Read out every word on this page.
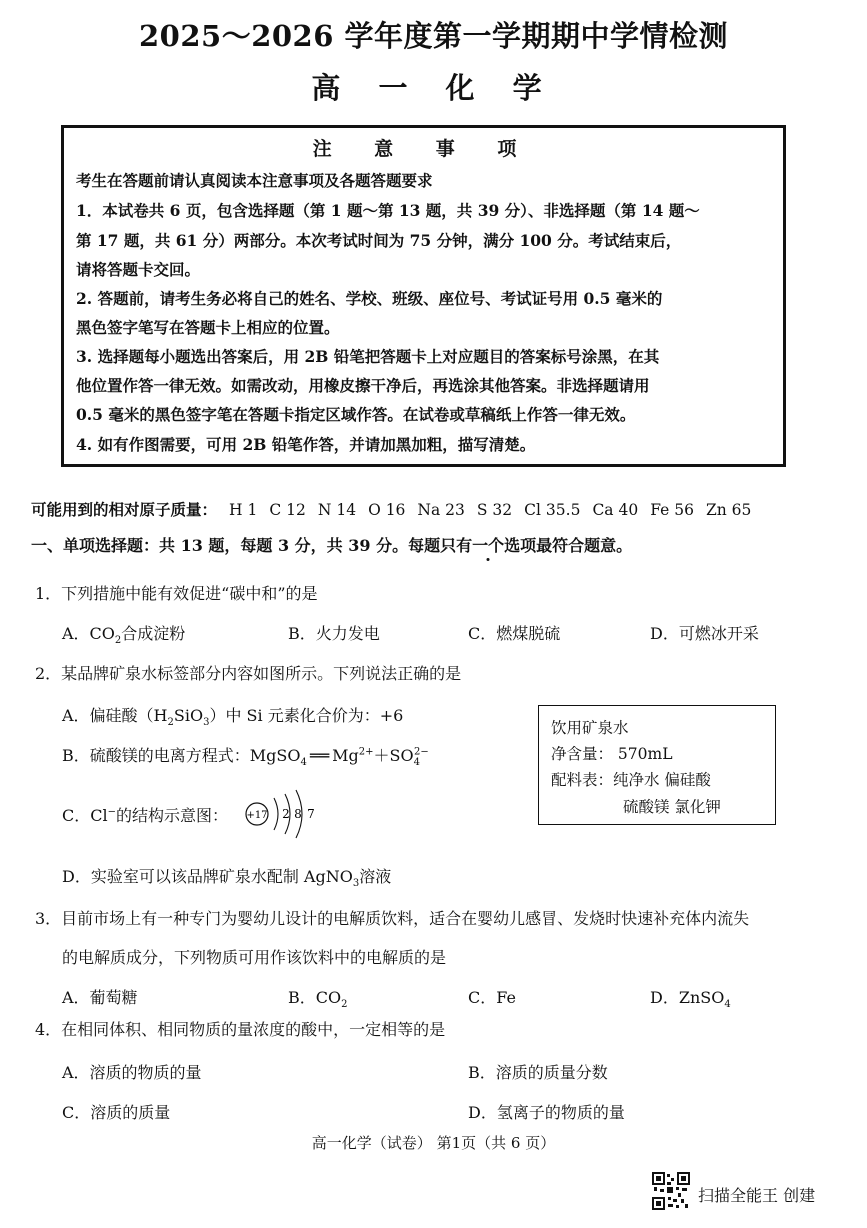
2025～2026 学年度第一学期期中学情检测
高 一 化 学
注 意 事 项
考生在答题前请认真阅读本注意事项及各题答题要求
1．本试卷共 6 页，包含选择题（第 1 题～第 13 题，共 39 分）、非选择题（第 14 题～
第 17 题，共 61 分）两部分。本次考试时间为 75 分钟，满分 100 分。考试结束后，
请将答题卡交回。
2. 答题前，请考生务必将自己的姓名、学校、班级、座位号、考试证号用 0.5 毫米的
黑色签字笔写在答题卡上相应的位置。
3. 选择题每小题选出答案后，用 2B 铅笔把答题卡上对应题目的答案标号涂黑，在其
他位置作答一律无效。如需改动，用橡皮擦干净后，再选涂其他答案。非选择题请用
0.5 毫米的黑色签字笔在答题卡指定区域作答。在试卷或草稿纸上作答一律无效。
4. 如有作图需要，可用 2B 铅笔作答，并请加黑加粗，描写清楚。
可能用到的相对原子质量： H 1 C 12 N 14 O 16 Na 23 S 32 Cl 35.5 Ca 40 Fe 56 Zn 65
一、单项选择题：共 13 题，每题 3 分，共 39 分。每题只有一个选项最符合题意。
1．下列措施中能有效促进“碳中和”的是
A．$CO_2$合成淀粉	B．火力发电	C．燃煤脱硫	D．可燃冰开采
2．某品牌矿泉水标签部分内容如图所示。下列说法正确的是
A．偏硅酸$(H_2SiO_3)$中 Si 元素化合价为：+6
B．硫酸镁的电离方程式：MgSO$_4$ ══ $Mg^{2+}+SO_4^{2-}$
C．Cl−的结构示意图： +17 2 8 7
D．实验室可以该品牌矿泉水配制 AgNO$_3$溶液
饮用矿泉水
净含量： 570mL
配料表：纯净水 偏硅酸
硫酸镁 氯化钾
3．目前市场上有一种专门为婴幼儿设计的电解质饮料，适合在婴幼儿感冒、发烧时快速补充体内流失
的电解质成分，下列物质可用作该饮料中的电解质的是
A．葡萄糖	B．$CO_2$	C．Fe	D．ZnSO$_4$
4．在相同体积、相同物质的量浓度的酸中，一定相等的是
A．溶质的物质的量	B．溶质的质量分数
C．溶质的质量	D．氢离子的物质的量
高一化学（试卷） 第1页（共 6 页）
扫描全能王 创建
